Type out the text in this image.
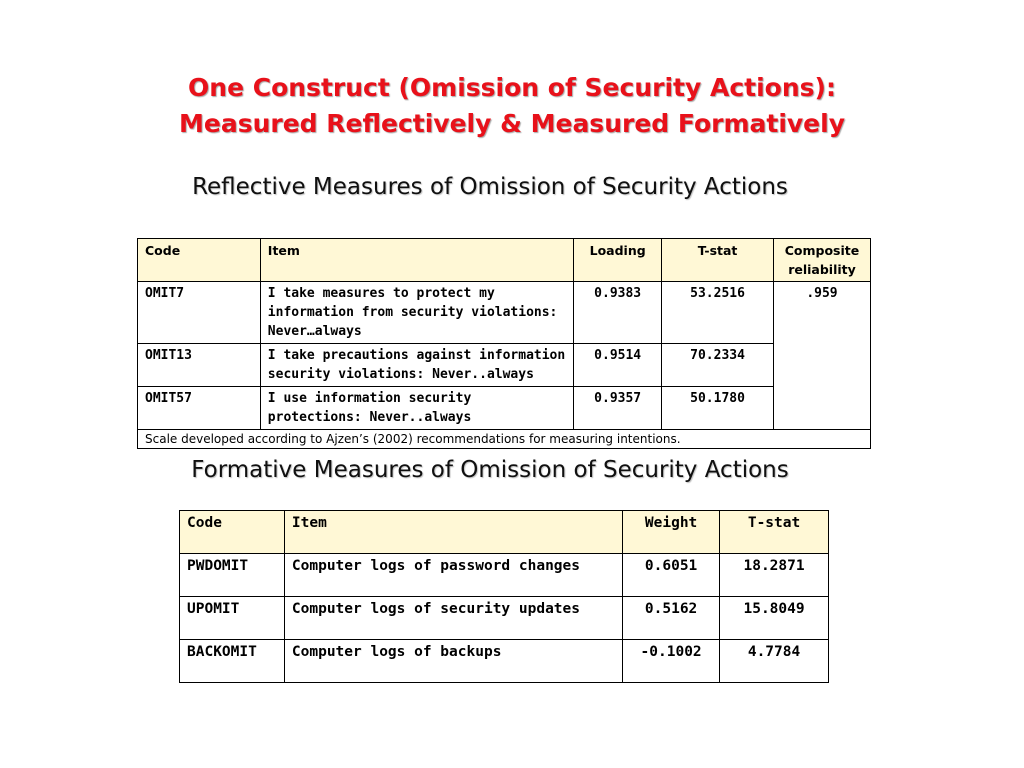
One Construct (Omission of Security Actions):
Measured Reflectively & Measured Formatively
Reflective Measures of Omission of Security Actions
Code	Item	Loading	T-stat	Composite reliability
OMIT7	I take measures to protect my information from security violations: Never…always	0.9383	53.2516	.959
OMIT13	I take precautions against information security violations: Never..always	0.9514	70.2334	
OMIT57	I use information security protections: Never..always	0.9357	50.1780	
Scale developed according to Ajzen’s (2002) recommendations for measuring intentions.				
Formative Measures of Omission of Security Actions
Code	Item	Weight	T-stat
PWDOMIT	Computer logs of password changes	0.6051	18.2871
UPOMIT	Computer logs of security updates	0.5162	15.8049
BACKOMIT	Computer logs of backups	-0.1002	4.7784
